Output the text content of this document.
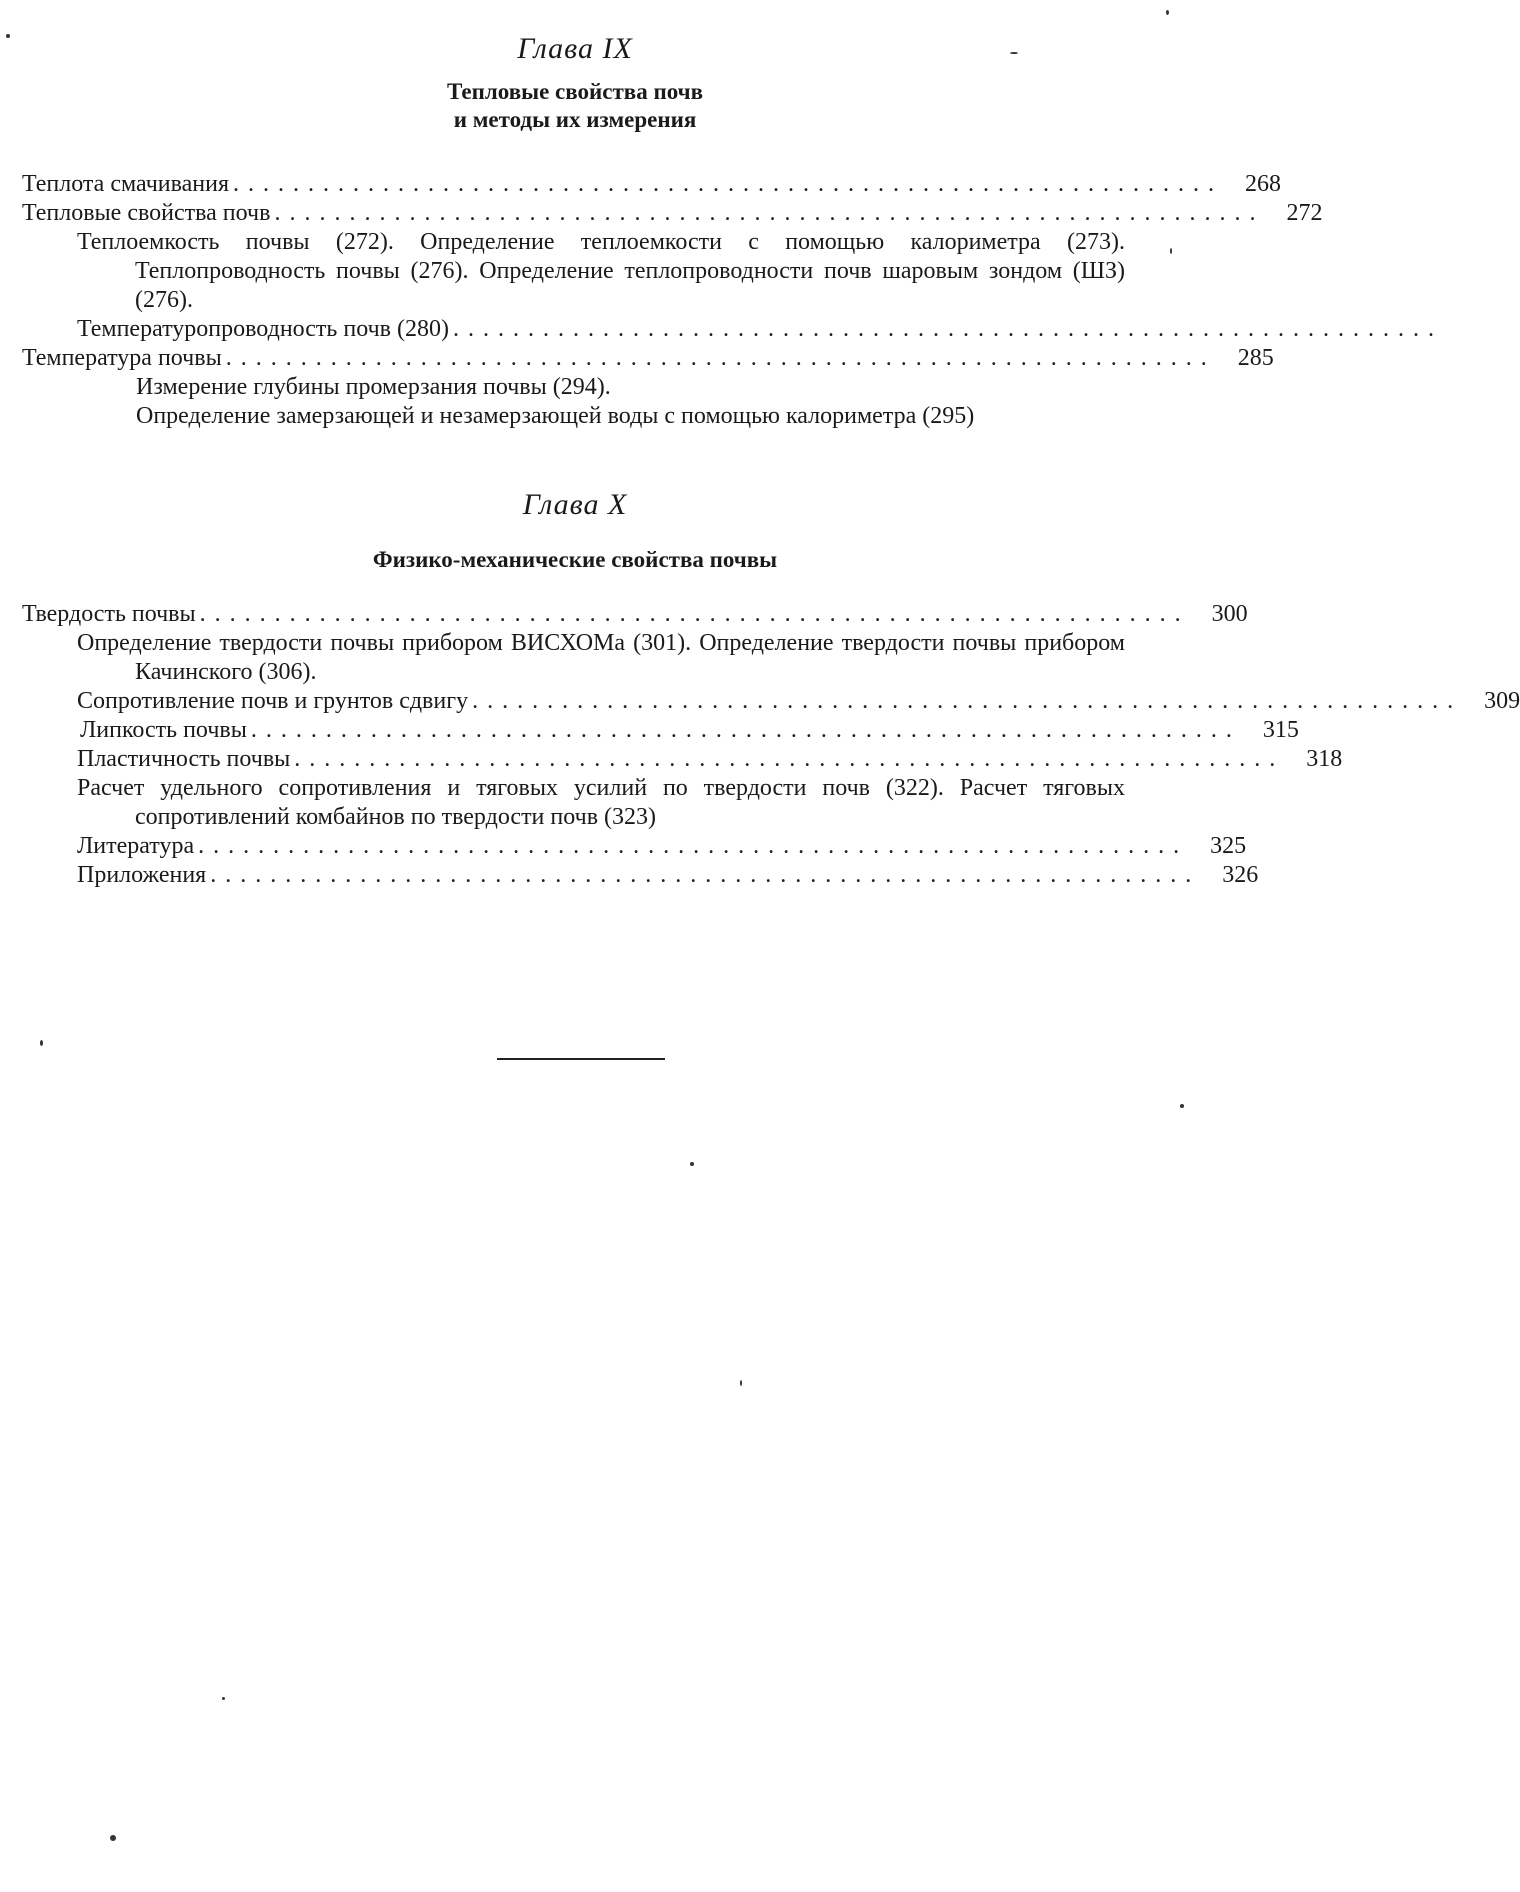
Глава IX
Тепловые свойства почв
и методы их измерения
Теплота смачивания .................................................................. 268
Тепловые свойства почв .................................................................. 272
Теплоемкость почвы (272). Определение теплоемкости с помощью калориметра (273). Теплопроводность почвы (276). Определение теплопроводности почв шаровым зондом (ШЗ) (276).
Температуропроводность почв (280) ..................................................................
Температура почвы .................................................................. 285
Измерение глубины промерзания почвы (294).
Определение замерзающей и незамерзающей воды с помощью калориметра (295)
Глава X
Физико-механические свойства почвы
Твердость почвы .................................................................. 300
Определение твердости почвы прибором ВИСХОМа (301). Определение твердости почвы прибором Качинского (306).
Сопротивление почв и грунтов сдвигу .................................................................. 309
Липкость почвы .................................................................. 315
Пластичность почвы .................................................................. 318
Расчет удельного сопротивления и тяговых усилий по твердости почв (322). Расчет тяговых сопротивлений комбайнов по твердости почв (323)
Литература .................................................................. 325
Приложения .................................................................. 326
